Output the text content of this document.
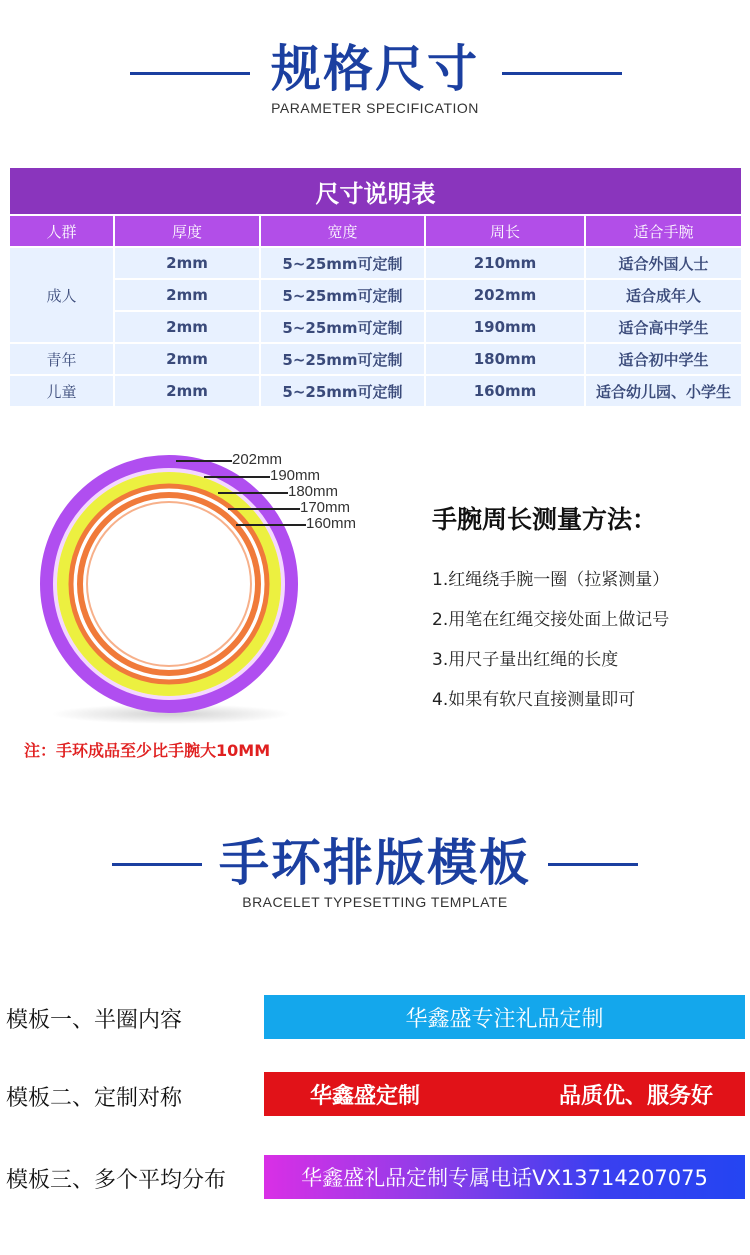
规格尺寸
PARAMETER SPECIFICATION
尺寸说明表				
人群	厚度	宽度	周长	适合手腕
成人	2mm	5~25mm可定制	210mm	适合外国人士
	2mm	5~25mm可定制	202mm	适合成年人
	2mm	5~25mm可定制	190mm	适合高中学生
青年	2mm	5~25mm可定制	180mm	适合初中学生
儿童	2mm	5~25mm可定制	160mm	适合幼儿园、小学生
202mm
190mm
180mm
170mm
160mm
注：手环成品至少比手腕大10MM
手腕周长测量方法：
1.红绳绕手腕一圈（拉紧测量）
2.用笔在红绳交接处面上做记号
3.用尺子量出红绳的长度
4.如果有软尺直接测量即可
手环排版模板
BRACELET TYPESETTING TEMPLATE
模板一、半圈内容	华鑫盛专注礼品定制
模板二、定制对称	华鑫盛定制	品质优、服务好
模板三、多个平均分布	华鑫盛礼品定制专属电话VX13714207075
